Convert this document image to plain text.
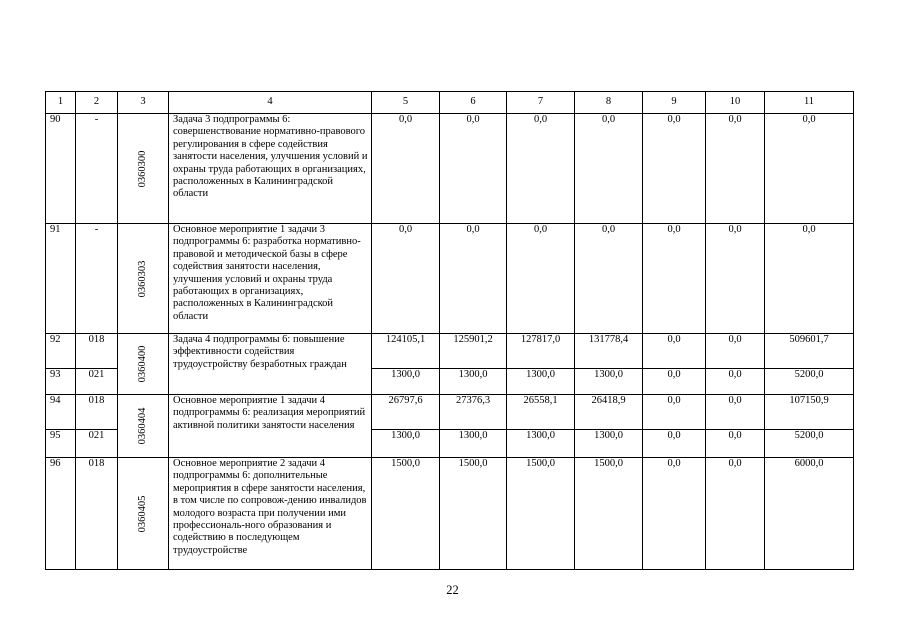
1	2	3	4	5	6	7	8	9	10	11
90	-	0360300	Задача 3 подпрограммы 6: совершенствование нормативно-правового регулирования в сфере содействия занятости населения, улучшения условий и охраны труда работающих в организациях, расположенных в Калининградской области	0,0	0,0	0,0	0,0	0,0	0,0	0,0
91	-	0360303	Основное мероприятие 1 задачи 3 подпрограммы 6: разработка нормативно-правовой и методической базы в сфере содействия занятости населения, улучшения условий и охраны труда работающих в организациях, расположенных в Калининградской области	0,0	0,0	0,0	0,0	0,0	0,0	0,0
92	018	0360400	Задача 4 подпрограммы 6: повышение эффективности содействия трудоустройству безработных граждан	124105,1	125901,2	127817,0	131778,4	0,0	0,0	509601,7
93	021			1300,0	1300,0	1300,0	1300,0	0,0	0,0	5200,0
94	018	0360404	Основное мероприятие 1 задачи 4 подпрограммы 6: реализация мероприятий активной политики занятости населения	26797,6	27376,3	26558,1	26418,9	0,0	0,0	107150,9
95	021			1300,0	1300,0	1300,0	1300,0	0,0	0,0	5200,0
96	018	0360405	Основное мероприятие 2 задачи 4 подпрограммы 6: дополнительные мероприятия в сфере занятости населения, в том числе по сопровож-дению инвалидов молодого возраста при получении ими профессиональ-ного образования и содействию в последующем трудоустройстве	1500,0	1500,0	1500,0	1500,0	0,0	0,0	6000,0
22
